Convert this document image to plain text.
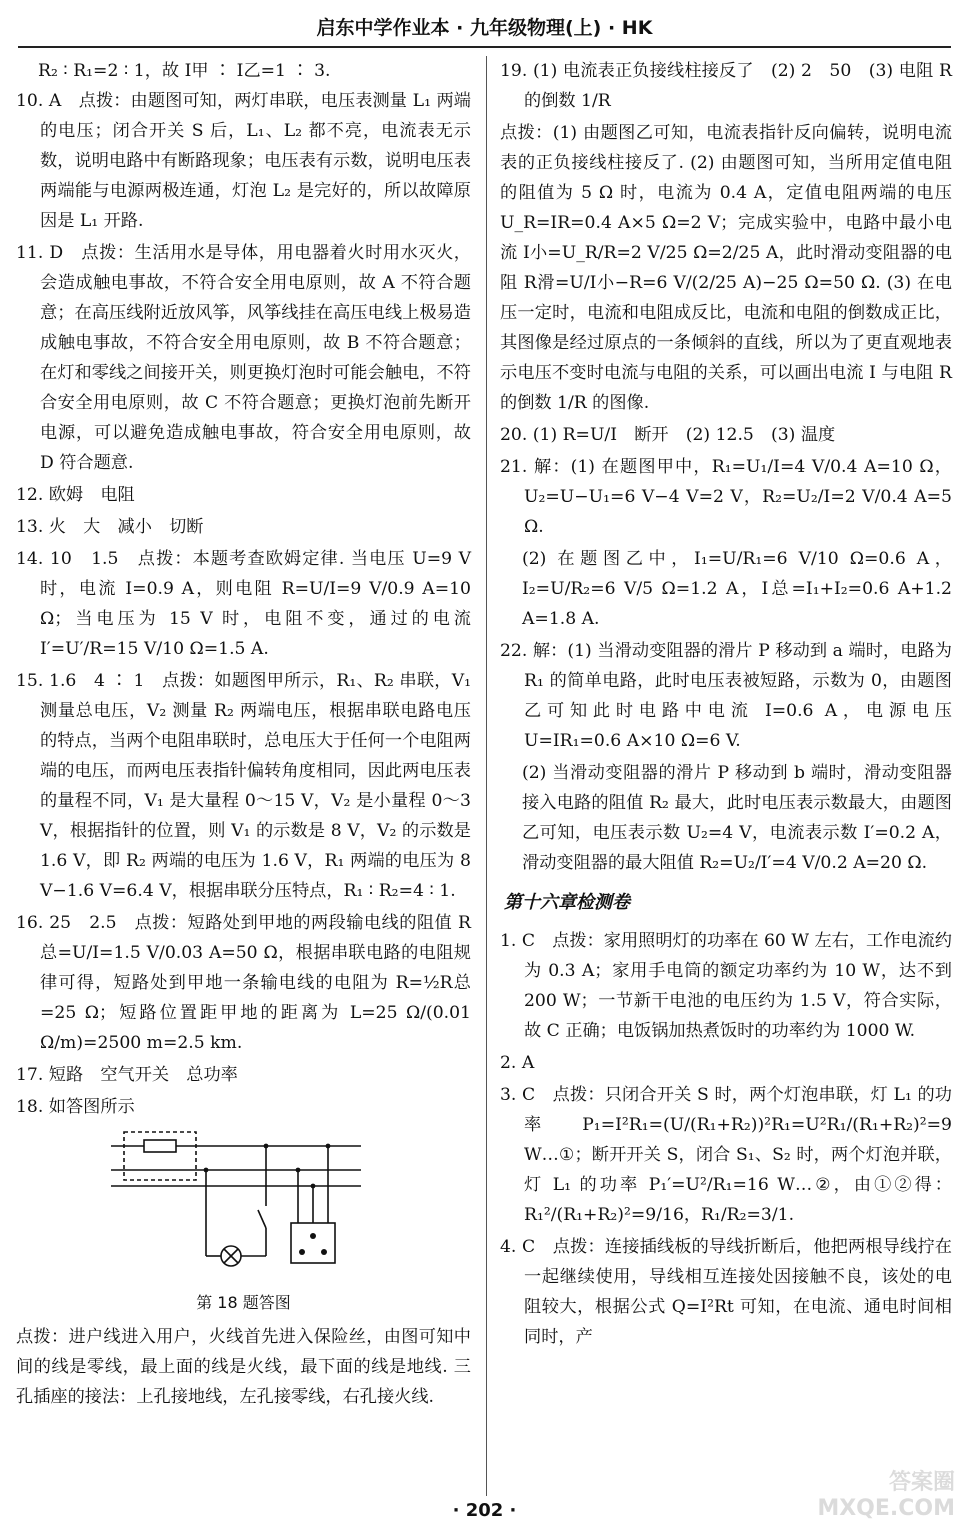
启东中学作业本 · 九年级物理(上) · HK

R₂ ∶ R₁=2 ∶ 1，故 I甲 ∶ I乙=1 ∶ 3.

10. A　点拨：由题图可知，两灯串联，电压表测量 L₁ 两端的电压；闭合开关 S 后，L₁、L₂ 都不亮，电流表无示数，说明电路中有断路现象；电压表有示数，说明电压表两端能与电源两极连通，灯泡 L₂ 是完好的，所以故障原因是 L₁ 开路.

11. D　点拨：生活用水是导体，用电器着火时用水灭火，会造成触电事故，不符合安全用电原则，故 A 不符合题意；在高压线附近放风筝，风筝线挂在高压电线上极易造成触电事故，不符合安全用电原则，故 B 不符合题意；在灯和零线之间接开关，则更换灯泡时可能会触电，不符合安全用电原则，故 C 不符合题意；更换灯泡前先断开电源，可以避免造成触电事故，符合安全用电原则，故 D 符合题意.

12. 欧姆　电阻

13. 火　大　减小　切断

14. 10　1.5　点拨：本题考查欧姆定律. 当电压 U=9 V 时，电流 I=0.9 A，则电阻 R=U/I=9 V/0.9 A=10 Ω；当电压为 15 V 时，电阻不变，通过的电流 I′=U′/R=15 V/10 Ω=1.5 A.

15. 1.6　4 ∶ 1　点拨：如题图甲所示，R₁、R₂ 串联，V₁ 测量总电压，V₂ 测量 R₂ 两端电压，根据串联电路电压的特点，当两个电阻串联时，总电压大于任何一个电阻两端的电压，而两电压表指针偏转角度相同，因此两电压表的量程不同，V₁ 是大量程 0～15 V，V₂ 是小量程 0～3 V，根据指针的位置，则 V₁ 的示数是 8 V，V₂ 的示数是 1.6 V，即 R₂ 两端的电压为 1.6 V，R₁ 两端的电压为 8 V−1.6 V=6.4 V，根据串联分压特点，R₁ ∶ R₂=4 ∶ 1.

16. 25　2.5　点拨：短路处到甲地的两段输电线的阻值 R总=U/I=1.5 V/0.03 A=50 Ω，根据串联电路的电阻规律可得，短路处到甲地一条输电线的电阻为 R=½R总=25 Ω；短路位置距甲地的距离为 L=25 Ω/(0.01 Ω/m)=2500 m=2.5 km.

17. 短路　空气开关　总功率

18. 如答图所示

第 18 题答图

点拨：进户线进入用户，火线首先进入保险丝，由图可知中间的线是零线，最上面的线是火线，最下面的线是地线. 三孔插座的接法：上孔接地线，左孔接零线，右孔接火线.

19. (1) 电流表正负接线柱接反了　(2) 2　50　(3) 电阻 R 的倒数 1/R

点拨：(1) 由题图乙可知，电流表指针反向偏转，说明电流表的正负接线柱接反了. (2) 由题图可知，当所用定值电阻的阻值为 5 Ω 时，电流为 0.4 A，定值电阻两端的电压 U_R=IR=0.4 A×5 Ω=2 V；完成实验中，电路中最小电流 I小=U_R/R=2 V/25 Ω=2/25 A，此时滑动变阻器的电阻 R滑=U/I小−R=6 V/(2/25 A)−25 Ω=50 Ω. (3) 在电压一定时，电流和电阻成反比，电流和电阻的倒数成正比，其图像是经过原点的一条倾斜的直线，所以为了更直观地表示电压不变时电流与电阻的关系，可以画出电流 I 与电阻 R 的倒数 1/R 的图像.

20. (1) R=U/I　断开　(2) 12.5　(3) 温度

21. 解：(1) 在题图甲中，R₁=U₁/I=4 V/0.4 A=10 Ω，U₂=U−U₁=6 V−4 V=2 V，R₂=U₂/I=2 V/0.4 A=5 Ω.

(2) 在题图乙中，I₁=U/R₁=6 V/10 Ω=0.6 A，I₂=U/R₂=6 V/5 Ω=1.2 A，I总=I₁+I₂=0.6 A+1.2 A=1.8 A.

22. 解：(1) 当滑动变阻器的滑片 P 移动到 a 端时，电路为 R₁ 的简单电路，此时电压表被短路，示数为 0，由题图乙可知此时电路中电流 I=0.6 A，电源电压 U=IR₁=0.6 A×10 Ω=6 V.

(2) 当滑动变阻器的滑片 P 移动到 b 端时，滑动变阻器接入电路的阻值 R₂ 最大，此时电压表示数最大，由题图乙可知，电压表示数 U₂=4 V，电流表示数 I′=0.2 A，滑动变阻器的最大阻值 R₂=U₂/I′=4 V/0.2 A=20 Ω.

第十六章检测卷

1. C　点拨：家用照明灯的功率在 60 W 左右，工作电流约为 0.3 A；家用手电筒的额定功率约为 10 W，达不到 200 W；一节新干电池的电压约为 1.5 V，符合实际，故 C 正确；电饭锅加热煮饭时的功率约为 1000 W.

2. A

3. C　点拨：只闭合开关 S 时，两个灯泡串联，灯 L₁ 的功率 P₁=I²R₁=(U/(R₁+R₂))²R₁=U²R₁/(R₁+R₂)²=9 W…①；断开开关 S，闭合 S₁、S₂ 时，两个灯泡并联，灯 L₁ 的功率 P₁′=U²/R₁=16 W…②，由①②得：R₁²/(R₁+R₂)²=9/16，R₁/R₂=3/1.

4. C　点拨：连接插线板的导线折断后，他把两根导线拧在一起继续使用，导线相互连接处因接触不良，该处的电阻较大，根据公式 Q=I²Rt 可知，在电流、通电时间相同时，产

· 202 ·
答案圈
MXQE.COM
